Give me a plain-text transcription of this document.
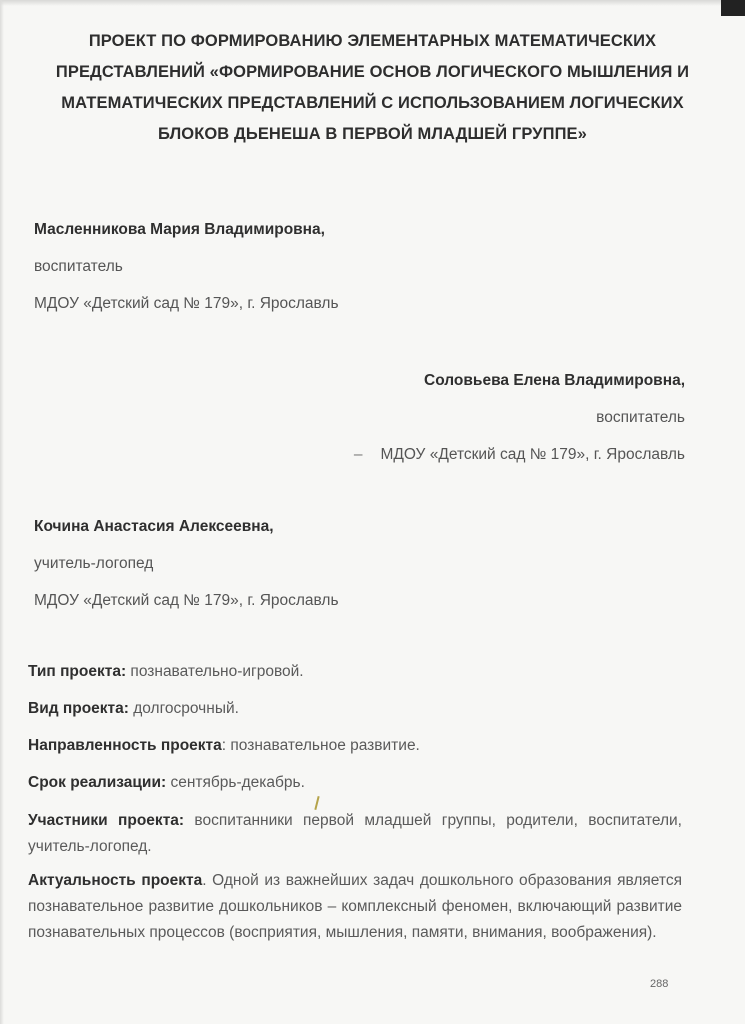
ПРОЕКТ ПО ФОРМИРОВАНИЮ ЭЛЕМЕНТАРНЫХ МАТЕМАТИЧЕСКИХ ПРЕДСТАВЛЕНИЙ «ФОРМИРОВАНИЕ ОСНОВ ЛОГИЧЕСКОГО МЫШЛЕНИЯ И МАТЕМАТИЧЕСКИХ ПРЕДСТАВЛЕНИЙ С ИСПОЛЬЗОВАНИЕМ ЛОГИЧЕСКИХ БЛОКОВ ДЬЕНЕША В ПЕРВОЙ МЛАДШЕЙ ГРУППЕ»
Масленникова Мария Владимировна,
воспитатель
МДОУ «Детский сад № 179», г. Ярославль
Соловьева Елена Владимировна,
воспитатель
– МДОУ «Детский сад № 179», г. Ярославль
Кочина Анастасия Алексеевна,
учитель-логопед
МДОУ «Детский сад № 179», г. Ярославль

Тип проекта: познавательно-игровой.

Вид проекта: долгосрочный.

Направленность проекта: познавательное развитие.

Срок реализации: сентябрь-декабрь.

Участники проекта: воспитанники первой младшей группы, родители, воспитатели, учитель-логопед.

Актуальность проекта. Одной из важнейших задач дошкольного образования является познавательное развитие дошкольников – комплексный феномен, включающий развитие познавательных процессов (восприятия, мышления, памяти, внимания, воображения).

288
